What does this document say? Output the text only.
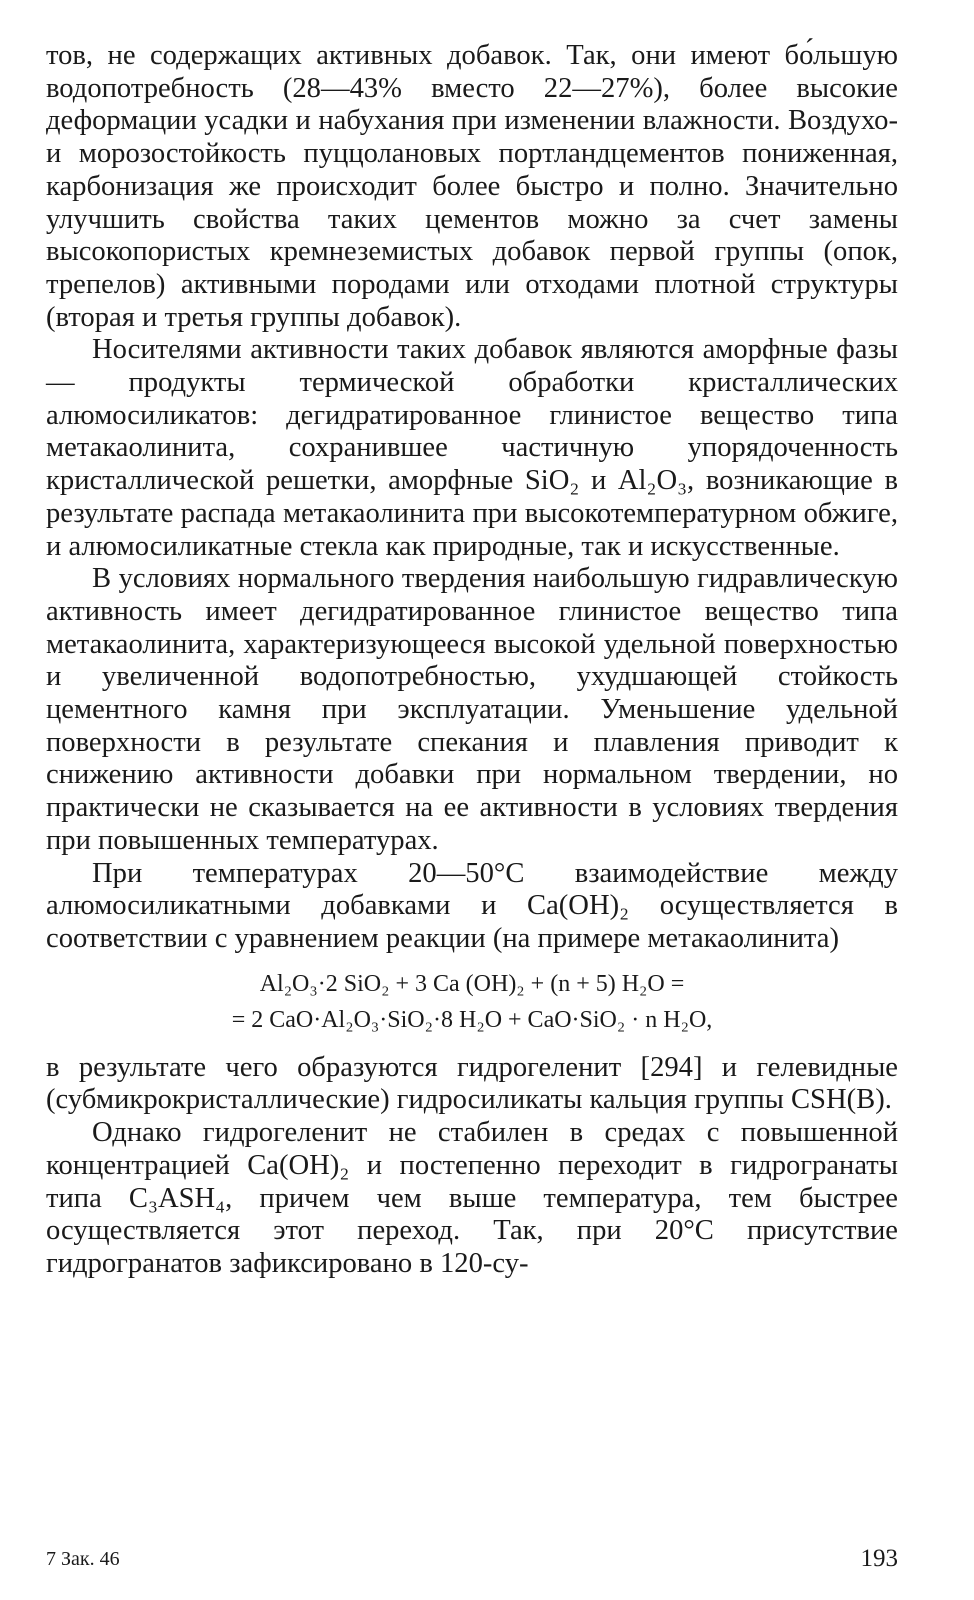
тов, не содержащих активных добавок. Так, они имеют бо́льшую водопотребность (28—43% вместо 22—27%), более высокие деформации усадки и набухания при изменении влажности. Воздухо- и морозостойкость пуццолановых портландцементов пониженная, карбонизация же происходит более быстро и полно. Значительно улучшить свойства таких цементов можно за счет замены высокопористых кремнеземистых добавок первой группы (опок, трепелов) активными породами или отходами плотной структуры (вторая и третья группы добавок).

Носителями активности таких добавок являются аморфные фазы — продукты термической обработки кристаллических алюмосиликатов: дегидратированное глинистое вещество типа метакаолинита, сохранившее частичную упорядоченность кристаллической решетки, аморфные SiO₂ и Al₂O₃, возникающие в результате распада метакаолинита при высокотемпературном обжиге, и алюмосиликатные стекла как природные, так и искусственные.

В условиях нормального твердения наибольшую гидравлическую активность имеет дегидратированное глинистое вещество типа метакаолинита, характеризующееся высокой удельной поверхностью и увеличенной водопотребностью, ухудшающей стойкость цементного камня при эксплуатации. Уменьшение удельной поверхности в результате спекания и плавления приводит к снижению активности добавки при нормальном твердении, но практически не сказывается на ее активности в условиях твердения при повышенных температурах.

При температурах 20—50°C взаимодействие между алюмосиликатными добавками и Ca(OH)₂ осуществляется в соответствии с уравнением реакции (на примере метакаолинита)

Al₂O₃·2 SiO₂ + 3 Ca (OH)₂ + (n + 5) H₂O =
= 2 CaO·Al₂O₃·SiO₂·8 H₂O + CaO·SiO₂ · n H₂O,

в результате чего образуются гидрогеленит [294] и гелевидные (субмикрокристаллические) гидросиликаты кальция группы CSH(B).

Однако гидрогеленит не стабилен в средах с повышенной концентрацией Ca(OH)₂ и постепенно переходит в гидрогранаты типа C₃ASH₄, причем чем выше температура, тем быстрее осуществляется этот переход. Так, при 20°C присутствие гидрогранатов зафиксировано в 120-су-

7 Зак. 46	193
